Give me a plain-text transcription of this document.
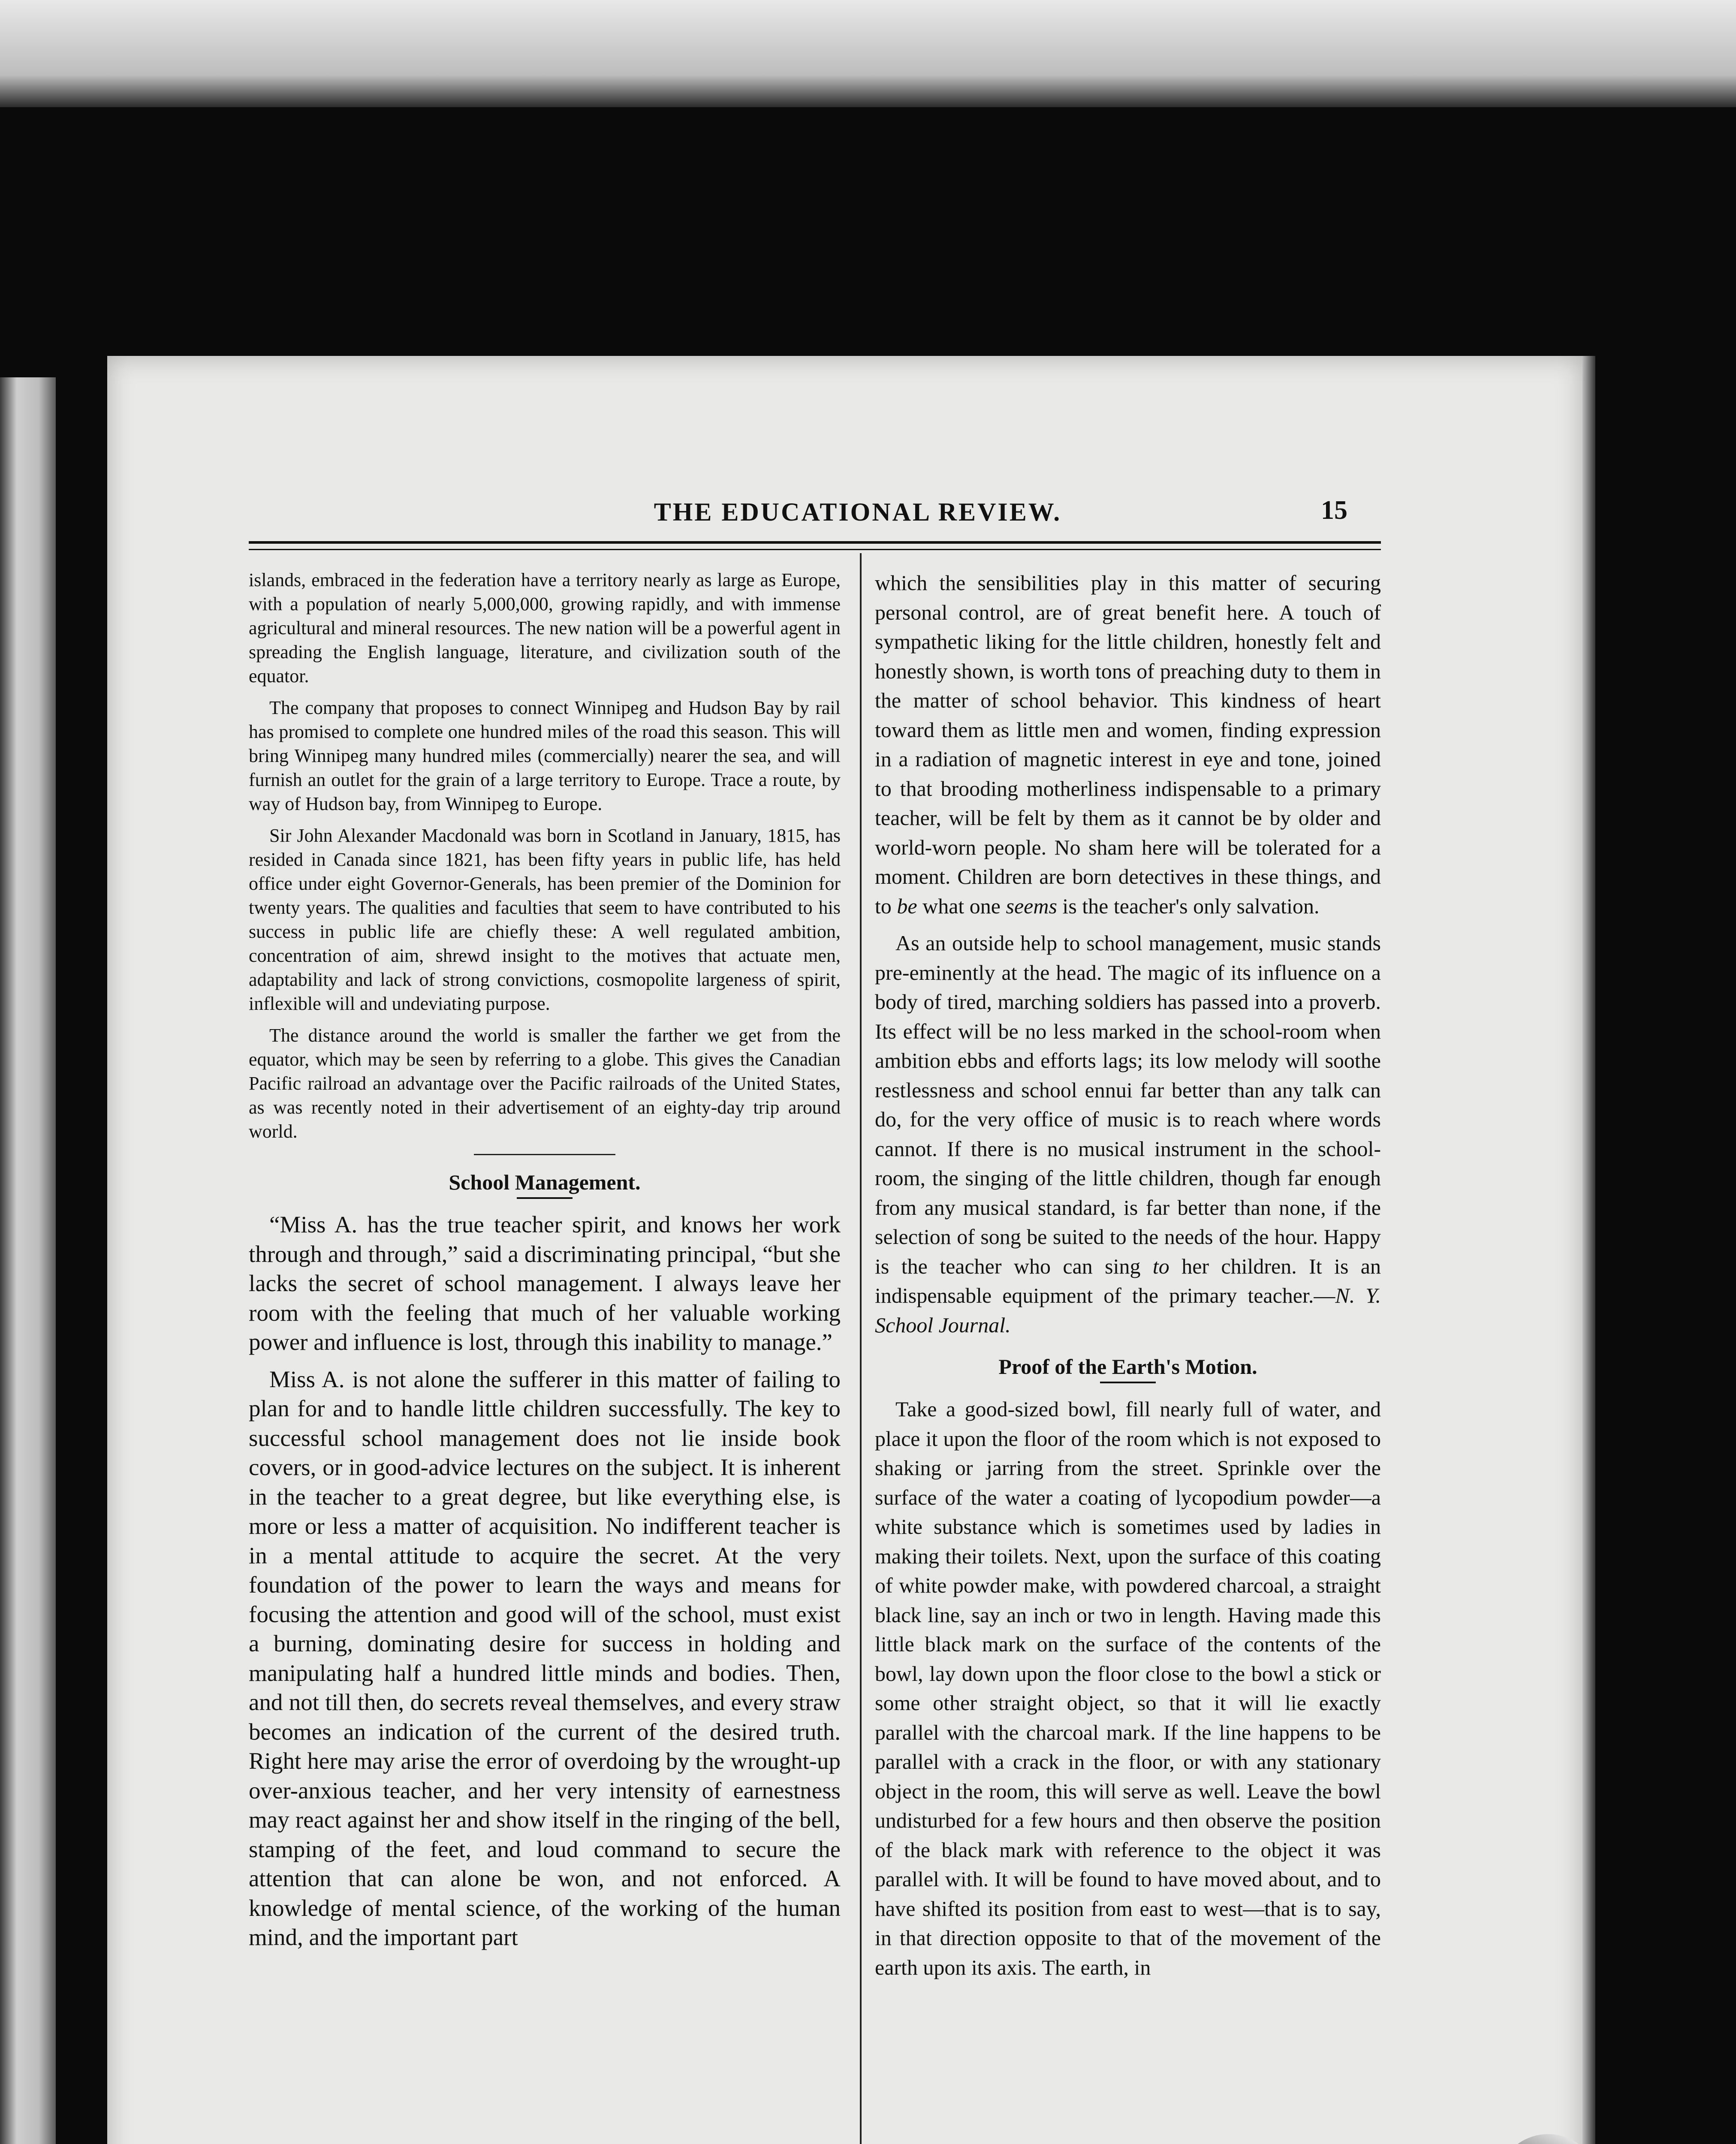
THE EDUCATIONAL REVIEW.	15

islands, embraced in the federation have a territory nearly as large as Europe, with a population of nearly 5,000,000, growing rapidly, and with immense agricultural and mineral resources. The new nation will be a powerful agent in spreading the English language, literature, and civilization south of the equator.

The company that proposes to connect Winnipeg and Hudson Bay by rail has promised to complete one hundred miles of the road this season. This will bring Winnipeg many hundred miles (commercially) nearer the sea, and will furnish an outlet for the grain of a large territory to Europe. Trace a route, by way of Hudson bay, from Winnipeg to Europe.

Sir John Alexander Macdonald was born in Scotland in January, 1815, has resided in Canada since 1821, has been fifty years in public life, has held office under eight Governor-Generals, has been premier of the Dominion for twenty years. The qualities and faculties that seem to have contributed to his success in public life are chiefly these: A well regulated ambition, concentration of aim, shrewd insight to the motives that actuate men, adaptability and lack of strong convictions, cosmopolite largeness of spirit, inflexible will and undeviating purpose.

The distance around the world is smaller the farther we get from the equator, which may be seen by referring to a globe. This gives the Canadian Pacific railroad an advantage over the Pacific railroads of the United States, as was recently noted in their advertisement of an eighty-day trip around world.

School Management.

“Miss A. has the true teacher spirit, and knows her work through and through,” said a discriminating principal, “but she lacks the secret of school management. I always leave her room with the feeling that much of her valuable working power and influence is lost, through this inability to manage.”

Miss A. is not alone the sufferer in this matter of failing to plan for and to handle little children successfully. The key to successful school management does not lie inside book covers, or in good-advice lectures on the subject. It is inherent in the teacher to a great degree, but like everything else, is more or less a matter of acquisition. No indifferent teacher is in a mental attitude to acquire the secret. At the very foundation of the power to learn the ways and means for focusing the attention and good will of the school, must exist a burning, dominating desire for success in holding and manipulating half a hundred little minds and bodies. Then, and not till then, do secrets reveal themselves, and every straw becomes an indication of the current of the desired truth. Right here may arise the error of overdoing by the wrought-up over-anxious teacher, and her very intensity of earnestness may react against her and show itself in the ringing of the bell, stamping of the feet, and loud command to secure the attention that can alone be won, and not enforced. A knowledge of mental science, of the working of the human mind, and the important part

which the sensibilities play in this matter of securing personal control, are of great benefit here. A touch of sympathetic liking for the little children, honestly felt and honestly shown, is worth tons of preaching duty to them in the matter of school behavior. This kindness of heart toward them as little men and women, finding expression in a radiation of magnetic interest in eye and tone, joined to that brooding motherliness indispensable to a primary teacher, will be felt by them as it cannot be by older and world-worn people. No sham here will be tolerated for a moment. Children are born detectives in these things, and to be what one seems is the teacher's only salvation.

As an outside help to school management, music stands pre-eminently at the head. The magic of its influence on a body of tired, marching soldiers has passed into a proverb. Its effect will be no less marked in the school-room when ambition ebbs and efforts lags; its low melody will soothe restlessness and school ennui far better than any talk can do, for the very office of music is to reach where words cannot. If there is no musical instrument in the school-room, the singing of the little children, though far enough from any musical standard, is far better than none, if the selection of song be suited to the needs of the hour. Happy is the teacher who can sing to her children. It is an indispensable equipment of the primary teacher.—N. Y. School Journal.

Proof of the Earth's Motion.

Take a good-sized bowl, fill nearly full of water, and place it upon the floor of the room which is not exposed to shaking or jarring from the street. Sprinkle over the surface of the water a coating of lycopodium powder—a white substance which is sometimes used by ladies in making their toilets. Next, upon the surface of this coating of white powder make, with powdered charcoal, a straight black line, say an inch or two in length. Having made this little black mark on the surface of the contents of the bowl, lay down upon the floor close to the bowl a stick or some other straight object, so that it will lie exactly parallel with the charcoal mark. If the line happens to be parallel with a crack in the floor, or with any stationary object in the room, this will serve as well. Leave the bowl undisturbed for a few hours and then observe the position of the black mark with reference to the object it was parallel with. It will be found to have moved about, and to have shifted its position from east to west—that is to say, in that direction opposite to that of the movement of the earth upon its axis. The earth, in
